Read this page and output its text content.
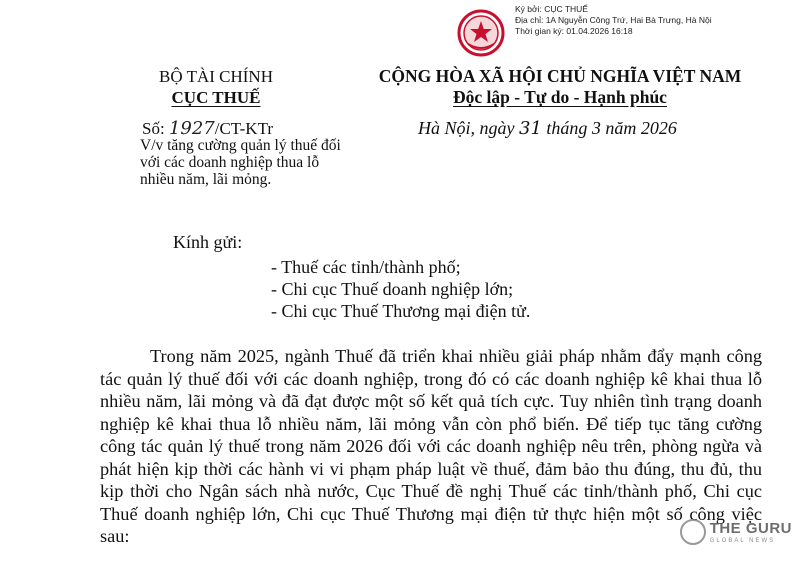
Ký bởi: CỤC THUẾ
Địa chỉ: 1A Nguyễn Công Trứ, Hai Bà Trưng, Hà Nội
Thời gian ký: 01.04.2026 16:18
BỘ TÀI CHÍNH
CỤC THUẾ
CỘNG HÒA XÃ HỘI CHỦ NGHĨA VIỆT NAM
Độc lập - Tự do - Hạnh phúc
Số: 1927/CT-KTr	Hà Nội, ngày 31 tháng 3 năm 2026
V/v tăng cường quản lý thuế đối với các doanh nghiệp thua lỗ nhiều năm, lãi mỏng.
Kính gửi:
- Thuế các tỉnh/thành phố;
- Chi cục Thuế doanh nghiệp lớn;
- Chi cục Thuế Thương mại điện tử.

Trong năm 2025, ngành Thuế đã triển khai nhiều giải pháp nhằm đẩy mạnh công tác quản lý thuế đối với các doanh nghiệp, trong đó có các doanh nghiệp kê khai thua lỗ nhiều năm, lãi mỏng và đã đạt được một số kết quả tích cực. Tuy nhiên tình trạng doanh nghiệp kê khai thua lỗ nhiều năm, lãi mỏng vẫn còn phổ biến. Để tiếp tục tăng cường công tác quản lý thuế trong năm 2026 đối với các doanh nghiệp nêu trên, phòng ngừa và phát hiện kịp thời các hành vi vi phạm pháp luật về thuế, đảm bảo thu đúng, thu đủ, thu kịp thời cho Ngân sách nhà nước, Cục Thuế đề nghị Thuế các tỉnh/thành phố, Chi cục Thuế doanh nghiệp lớn, Chi cục Thuế Thương mại điện tử thực hiện một số công việc sau:	THE GURU
GLOBAL NEWS
